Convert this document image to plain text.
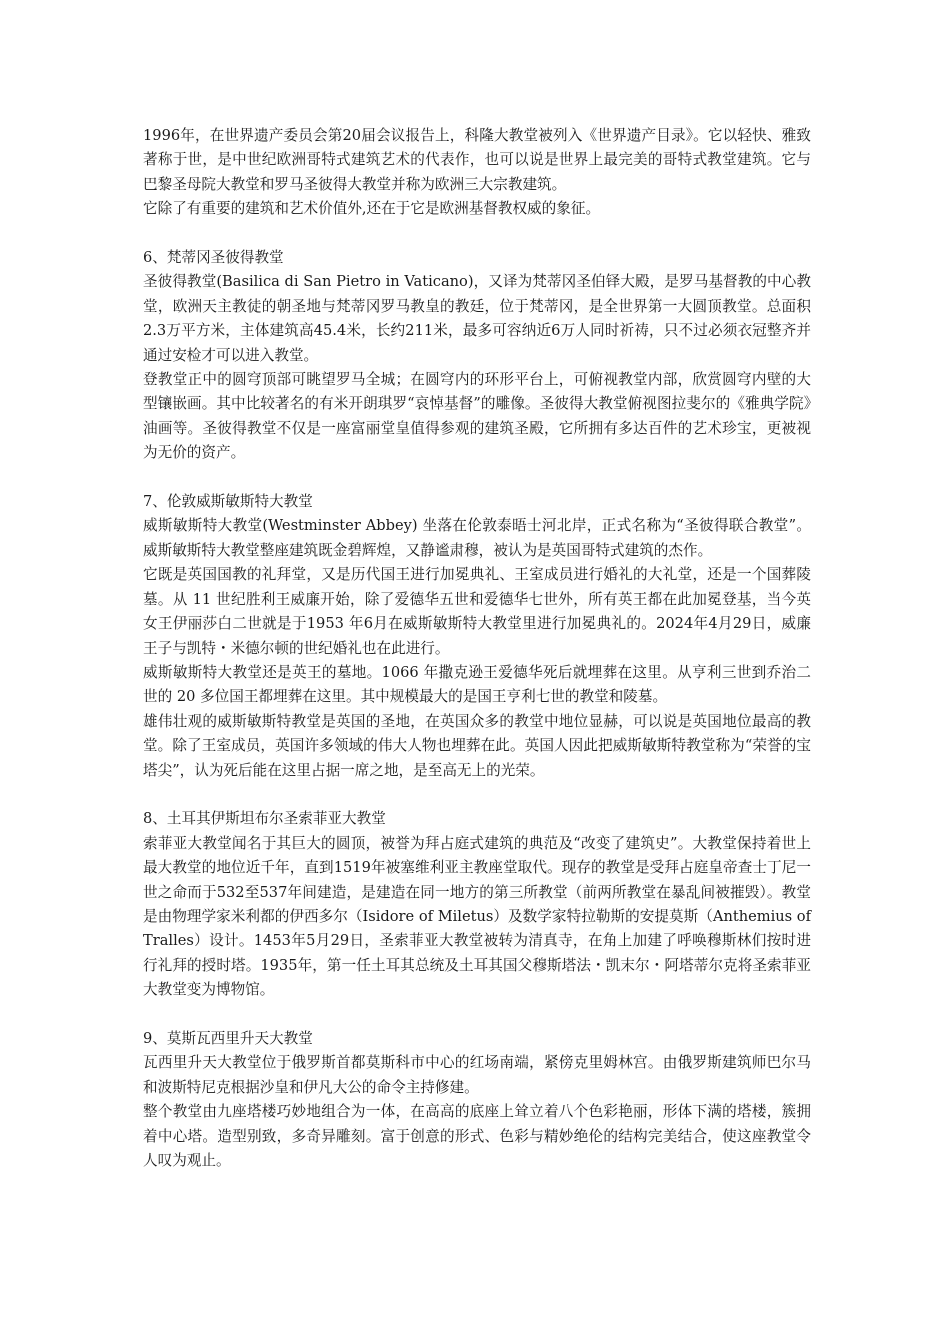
1996年，在世界遗产委员会第20届会议报告上，科隆大教堂被列入《世界遗产目录》。它以轻快、雅致著称于世，是中世纪欧洲哥特式建筑艺术的代表作，也可以说是世界上最完美的哥特式教堂建筑。它与巴黎圣母院大教堂和罗马圣彼得大教堂并称为欧洲三大宗教建筑。

它除了有重要的建筑和艺术价值外,还在于它是欧洲基督教权威的象征。

6、梵蒂冈圣彼得教堂

圣彼得教堂(Basilica di San Pietro in Vaticano)，又译为梵蒂冈圣伯铎大殿，是罗马基督教的中心教堂，欧洲天主教徒的朝圣地与梵蒂冈罗马教皇的教廷，位于梵蒂冈，是全世界第一大圆顶教堂。总面积2.3万平方米，主体建筑高45.4米，长约211米，最多可容纳近6万人同时祈祷，只不过必须衣冠整齐并通过安检才可以进入教堂。

登教堂正中的圆穹顶部可眺望罗马全城；在圆穹内的环形平台上，可俯视教堂内部，欣赏圆穹内壁的大型镶嵌画。其中比较著名的有米开朗琪罗“哀悼基督”的雕像。圣彼得大教堂俯视图拉斐尔的《雅典学院》油画等。圣彼得教堂不仅是一座富丽堂皇值得参观的建筑圣殿，它所拥有多达百件的艺术珍宝，更被视为无价的资产。

7、伦敦威斯敏斯特大教堂

威斯敏斯特大教堂(Westminster Abbey) 坐落在伦敦泰晤士河北岸，正式名称为“圣彼得联合教堂”。威斯敏斯特大教堂整座建筑既金碧辉煌，又静谧肃穆，被认为是英国哥特式建筑的杰作。

它既是英国国教的礼拜堂，又是历代国王进行加冕典礼、王室成员进行婚礼的大礼堂，还是一个国葬陵墓。从 11 世纪胜利王威廉开始，除了爱德华五世和爱德华七世外，所有英王都在此加冕登基，当今英女王伊丽莎白二世就是于1953 年6月在威斯敏斯特大教堂里进行加冕典礼的。2024年4月29日，威廉王子与凯特・米德尔顿的世纪婚礼也在此进行。

威斯敏斯特大教堂还是英王的墓地。1066 年撒克逊王爱德华死后就埋葬在这里。从亨利三世到乔治二世的 20 多位国王都埋葬在这里。其中规模最大的是国王亨利七世的教堂和陵墓。

雄伟壮观的威斯敏斯特教堂是英国的圣地，在英国众多的教堂中地位显赫，可以说是英国地位最高的教堂。除了王室成员，英国许多领域的伟大人物也埋葬在此。英国人因此把威斯敏斯特教堂称为“荣誉的宝塔尖”，认为死后能在这里占据一席之地，是至高无上的光荣。

8、土耳其伊斯坦布尔圣索菲亚大教堂

索菲亚大教堂闻名于其巨大的圆顶，被誉为拜占庭式建筑的典范及“改变了建筑史”。大教堂保持着世上最大教堂的地位近千年，直到1519年被塞维利亚主教座堂取代。现存的教堂是受拜占庭皇帝查士丁尼一世之命而于532至537年间建造，是建造在同一地方的第三所教堂（前两所教堂在暴乱间被摧毁）。教堂是由物理学家米利都的伊西多尔（Isidore of Miletus）及数学家特拉勒斯的安提莫斯（Anthemius of Tralles）设计。1453年5月29日，圣索菲亚大教堂被转为清真寺，在角上加建了呼唤穆斯林们按时进行礼拜的授时塔。1935年，第一任土耳其总统及土耳其国父穆斯塔法・凯末尔・阿塔蒂尔克将圣索菲亚大教堂变为博物馆。

9、莫斯瓦西里升天大教堂

瓦西里升天大教堂位于俄罗斯首都莫斯科市中心的红场南端，紧傍克里姆林宫。由俄罗斯建筑师巴尔马和波斯特尼克根据沙皇和伊凡大公的命令主持修建。

整个教堂由九座塔楼巧妙地组合为一体，在高高的底座上耸立着八个色彩艳丽，形体下满的塔楼，簇拥着中心塔。造型别致，多奇异雕刻。富于创意的形式、色彩与精妙绝伦的结构完美结合，使这座教堂令人叹为观止。
